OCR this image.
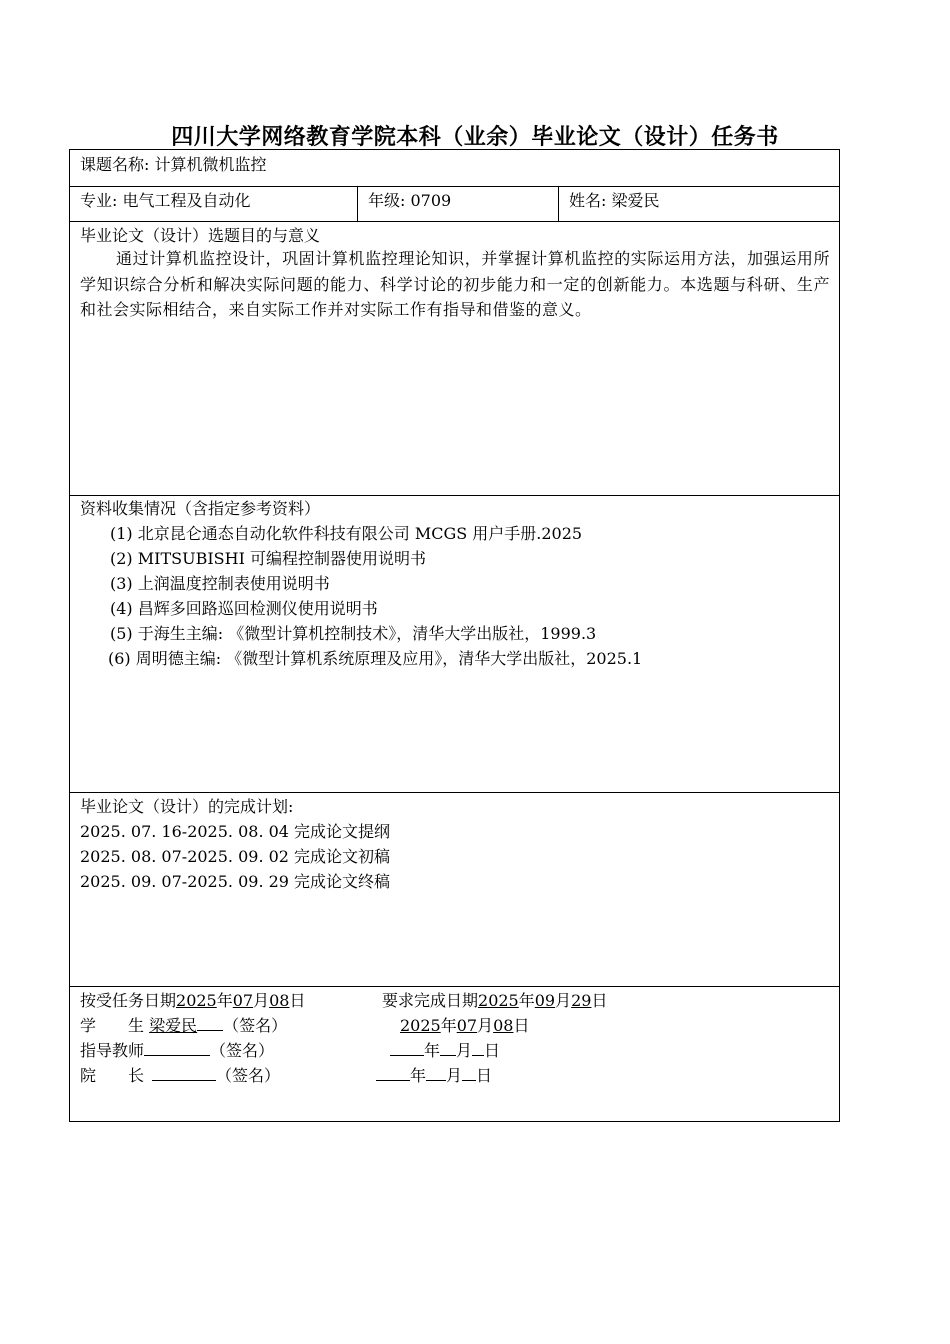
四川大学网络教育学院本科（业余）毕业论文（设计）任务书
课题名称: 计算机微机监控
专业: 电气工程及自动化	年级: 0709	姓名: 梁爱民
毕业论文（设计）选题目的与意义
通过计算机监控设计，巩固计算机监控理论知识，并掌握计算机监控的实际运用方法，加强运用所学知识综合分析和解决实际问题的能力、科学讨论的初步能力和一定的创新能力。本选题与科研、生产和社会实际相结合，来自实际工作并对实际工作有指导和借鉴的意义。
资料收集情况（含指定参考资料）
(1) 北京昆仑通态自动化软件科技有限公司 MCGS 用户手册.2025
(2) MITSUBISHI 可编程控制器使用说明书
(3) 上润温度控制表使用说明书
(4) 昌辉多回路巡回检测仪使用说明书
(5) 于海生主编: 《微型计算机控制技术》，清华大学出版社，1999.3
(6) 周明德主编: 《微型计算机系统原理及应用》，清华大学出版社，2025.1
毕业论文（设计）的完成计划:
2025. 07. 16-2025. 08. 04 完成论文提纲
2025. 08. 07-2025. 09. 02 完成论文初稿
2025. 09. 07-2025. 09. 29 完成论文终稿
按受任务日期2025年07月08日	要求完成日期2025年09月29日
学　　生 梁爱民 （签名）	2025年07月08日
指导教师	（签名）	年 月 日
院　　长	（签名）	年 月 日
